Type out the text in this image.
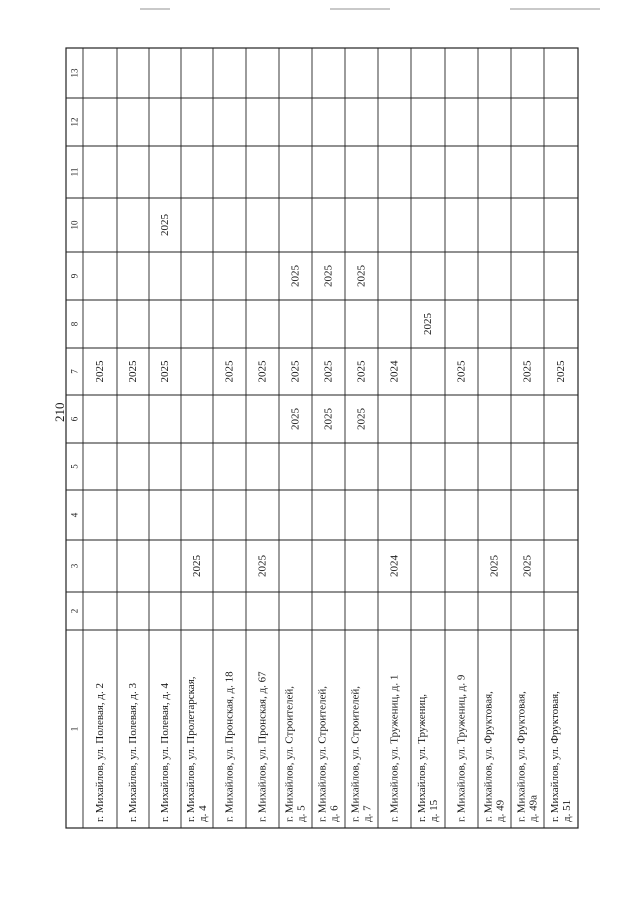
210
1
2
3
4
5
6
7
8
9
10
11
12
13
г. Михайлов, ул. Полевая, д. 2
2025
г. Михайлов, ул. Полевая, д. 3
2025
г. Михайлов, ул. Полевая, д. 4
2025
2025
г. Михайлов, ул. Пролетарская, д. 4
2025
г. Михайлов, ул. Пронская, д. 18
2025
г. Михайлов, ул. Пронская, д. 67
2025
2025
г. Михайлов, ул. Строителей, д. 5
2025
2025
2025
г. Михайлов, ул. Строителей, д. 6
2025
2025
2025
г. Михайлов, ул. Строителей, д. 7
2025
2025
2025
г. Михайлов, ул. Тружениц, д. 1
2024
2024
г. Михайлов, ул. Тружениц, д. 15
2025
г. Михайлов, ул. Тружениц, д. 9
2025
г. Михайлов, ул. Фруктовая, д. 49
2025
г. Михайлов, ул. Фруктовая, д. 49а
2025
2025
г. Михайлов, ул. Фруктовая, д. 51
2025
